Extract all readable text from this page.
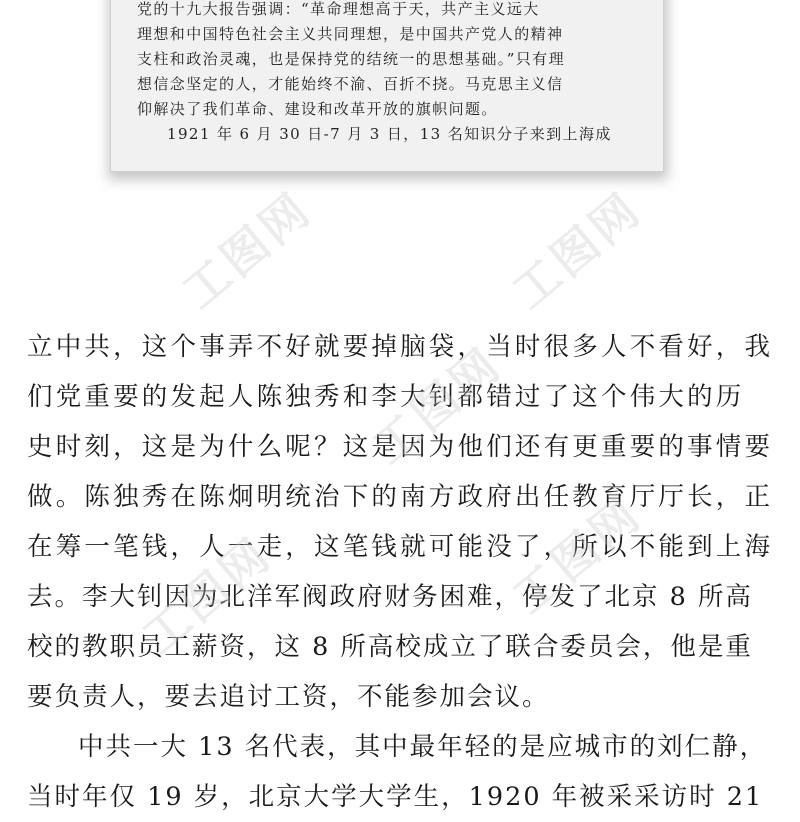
党的十九大报告强调：“革命理想高于天，共产主义远大

理想和中国特色社会主义共同理想，是中国共产党人的精神

支柱和政治灵魂，也是保持党的结统一的思想基础。”只有理

想信念坚定的人，才能始终不渝、百折不挠。马克思主义信

仰解决了我们革命、建设和改革开放的旗帜问题。

1921 年 6 月 30 日-7 月 3 日，13 名知识分子来到上海成

立中共，这个事弄不好就要掉脑袋，当时很多人不看好，我

们党重要的发起人陈独秀和李大钊都错过了这个伟大的历

史时刻，这是为什么呢？这是因为他们还有更重要的事情要

做。陈独秀在陈炯明统治下的南方政府出任教育厅厅长，正

在筹一笔钱，人一走，这笔钱就可能没了，所以不能到上海

去。李大钊因为北洋军阀政府财务困难，停发了北京 8 所高

校的教职员工薪资，这 8 所高校成立了联合委员会，他是重

要负责人，要去追讨工资，不能参加会议。

中共一大 13 名代表，其中最年轻的是应城市的刘仁静，

当时年仅 19 岁，北京大学大学生，1920 年被采采访时 21

工图网	工图网
工图网
工图网	工图网
